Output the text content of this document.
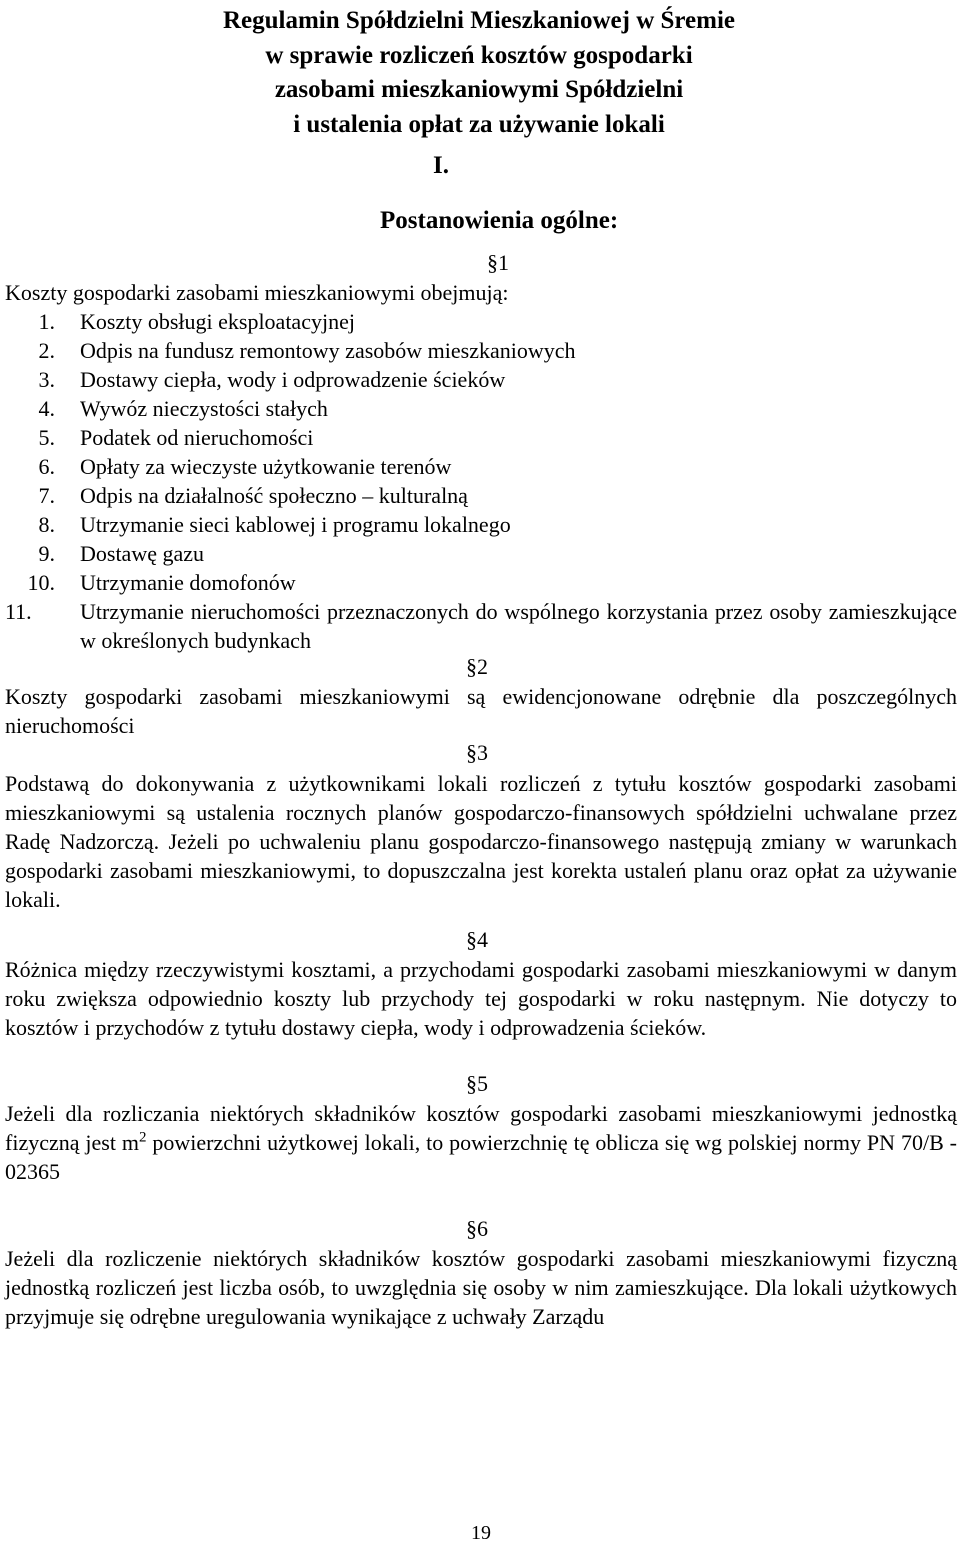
Regulamin Spółdzielni Mieszkaniowej w Śremie
w sprawie rozliczeń kosztów gospodarki
zasobami mieszkaniowymi Spółdzielni
i ustalenia opłat za używanie lokali
I.
Postanowienia ogólne:
§1
Koszty gospodarki zasobami mieszkaniowymi obejmują:
1. Koszty obsługi eksploatacyjnej
2. Odpis na fundusz remontowy zasobów mieszkaniowych
3. Dostawy ciepła, wody i odprowadzenie ścieków
4. Wywóz nieczystości stałych
5. Podatek od nieruchomości
6. Opłaty za wieczyste użytkowanie terenów
7. Odpis na działalność społeczno – kulturalną
8. Utrzymanie sieci kablowej i programu lokalnego
9. Dostawę gazu
10. Utrzymanie domofonów
11.	Utrzymanie nieruchomości przeznaczonych do wspólnego korzystania przez osoby zamieszkujące w określonych budynkach
§2
Koszty gospodarki zasobami mieszkaniowymi są ewidencjonowane odrębnie dla poszczególnych nieruchomości
§3
Podstawą do dokonywania z użytkownikami lokali rozliczeń z tytułu kosztów gospodarki zasobami mieszkaniowymi są ustalenia rocznych planów gospodarczo-finansowych spółdzielni uchwalane przez Radę Nadzorczą. Jeżeli po uchwaleniu planu gospodarczo-finansowego następują zmiany w warunkach gospodarki zasobami mieszkaniowymi, to dopuszczalna jest korekta ustaleń planu oraz opłat za używanie lokali.
§4
Różnica między rzeczywistymi kosztami, a przychodami gospodarki zasobami mieszkaniowymi w danym roku zwiększa odpowiednio koszty lub przychody tej gospodarki w roku następnym. Nie dotyczy to kosztów i przychodów z tytułu dostawy ciepła, wody i odprowadzenia ścieków.
§5
Jeżeli dla rozliczania niektórych składników kosztów gospodarki zasobami mieszkaniowymi jednostką fizyczną jest $m^2$ powierzchni użytkowej lokali, to powierzchnię tę oblicza się wg polskiej normy PN 70/B - 02365
§6
Jeżeli dla rozliczenie niektórych składników kosztów gospodarki zasobami mieszkaniowymi fizyczną jednostką rozliczeń jest liczba osób, to uwzględnia się osoby w nim zamieszkujące. Dla lokali użytkowych przyjmuje się odrębne uregulowania wynikające z uchwały Zarządu
19
